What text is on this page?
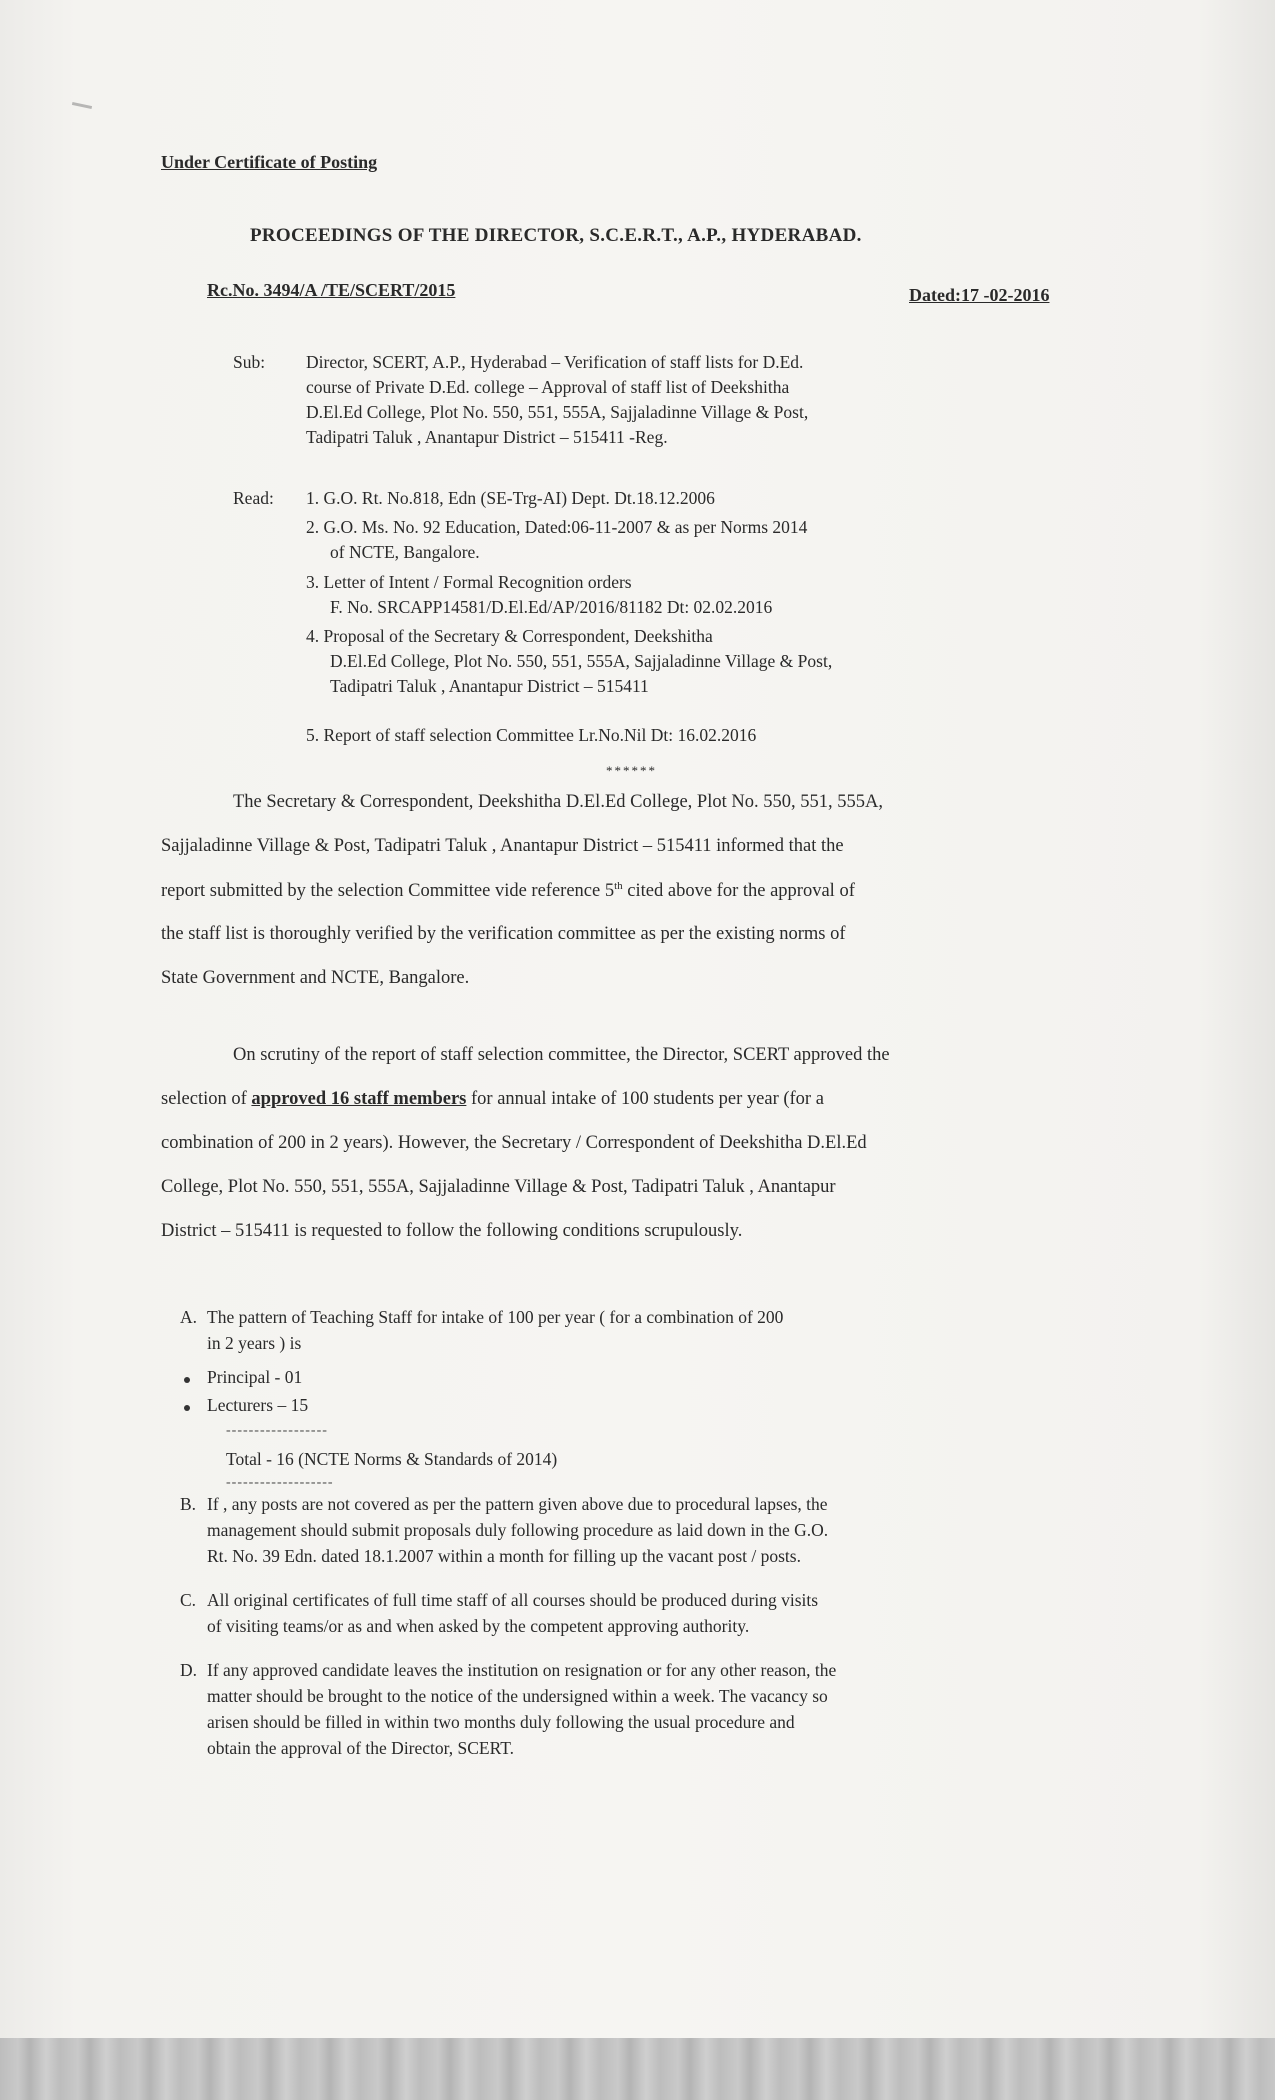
Under Certificate of Posting
PROCEEDINGS OF THE DIRECTOR, S.C.E.R.T., A.P., HYDERABAD.
Rc.No. 3494/A /TE/SCERT/2015	Dated:17 -02-2016
Sub: Director, SCERT, A.P., Hyderabad – Verification of staff lists for D.Ed.
course of Private D.Ed. college – Approval of staff list of Deekshitha
D.El.Ed College, Plot No. 550, 551, 555A, Sajjaladinne Village & Post,
Tadipatri Taluk , Anantapur District – 515411 -Reg.
Read: 1. G.O. Rt. No.818, Edn (SE-Trg-AI) Dept. Dt.18.12.2006
2. G.O. Ms. No. 92 Education, Dated:06-11-2007 & as per Norms 2014
of NCTE, Bangalore.
3. Letter of Intent / Formal Recognition orders
F. No. SRCAPP14581/D.El.Ed/AP/2016/81182 Dt: 02.02.2016
4. Proposal of the Secretary & Correspondent, Deekshitha
D.El.Ed College, Plot No. 550, 551, 555A, Sajjaladinne Village & Post,
Tadipatri Taluk , Anantapur District – 515411
5. Report of staff selection Committee Lr.No.Nil Dt: 16.02.2016
******
The Secretary & Correspondent, Deekshitha D.El.Ed College, Plot No. 550, 551, 555A,
Sajjaladinne Village & Post, Tadipatri Taluk , Anantapur District – 515411 informed that the
report submitted by the selection Committee vide reference 5th cited above for the approval of
the staff list is thoroughly verified by the verification committee as per the existing norms of
State Government and NCTE, Bangalore.
On scrutiny of the report of staff selection committee, the Director, SCERT approved the
selection of approved 16 staff members for annual intake of 100 students per year (for a
combination of 200 in 2 years). However, the Secretary / Correspondent of Deekshitha D.El.Ed
College, Plot No. 550, 551, 555A, Sajjaladinne Village & Post, Tadipatri Taluk , Anantapur
District – 515411 is requested to follow the following conditions scrupulously.
A. The pattern of Teaching Staff for intake of 100 per year ( for a combination of 200
in 2 years ) is
Principal - 01
Lecturers – 15
------------------
Total - 16 (NCTE Norms & Standards of 2014)
-------------------
B. If , any posts are not covered as per the pattern given above due to procedural lapses, the
management should submit proposals duly following procedure as laid down in the G.O.
Rt. No. 39 Edn. dated 18.1.2007 within a month for filling up the vacant post / posts.
C. All original certificates of full time staff of all courses should be produced during visits
of visiting teams/or as and when asked by the competent approving authority.
D. If any approved candidate leaves the institution on resignation or for any other reason, the
matter should be brought to the notice of the undersigned within a week. The vacancy so
arisen should be filled in within two months duly following the usual procedure and
obtain the approval of the Director, SCERT.
